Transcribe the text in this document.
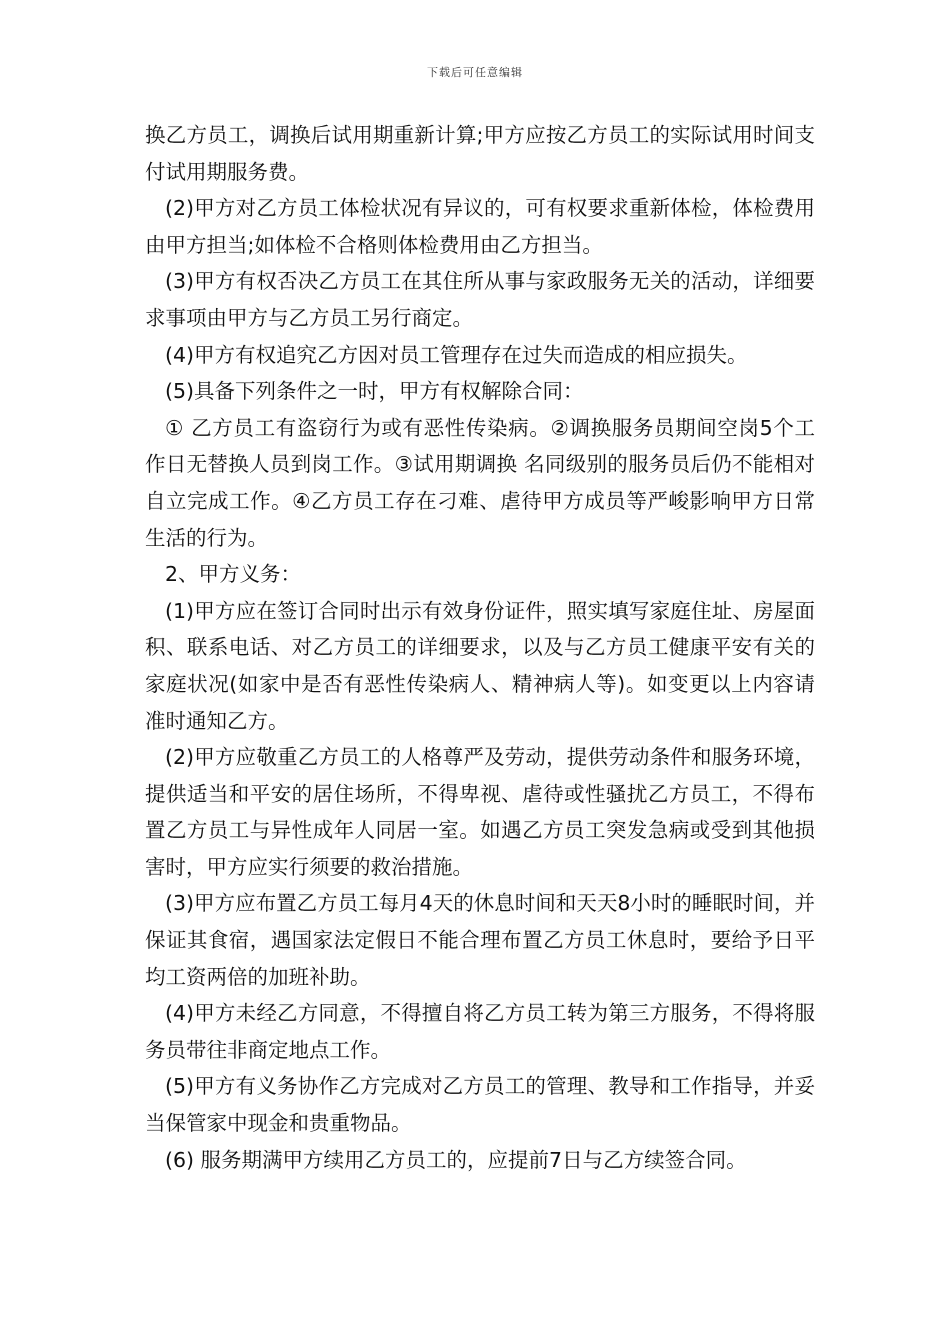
下载后可任意编辑

换乙方员工，调换后试用期重新计算;甲方应按乙方员工的实际试用时间支付试用期服务费。

(2)甲方对乙方员工体检状况有异议的，可有权要求重新体检，体检费用由甲方担当;如体检不合格则体检费用由乙方担当。

(3)甲方有权否决乙方员工在其住所从事与家政服务无关的活动，详细要求事项由甲方与乙方员工另行商定。

(4)甲方有权追究乙方因对员工管理存在过失而造成的相应损失。

(5)具备下列条件之一时，甲方有权解除合同：

① 乙方员工有盗窃行为或有恶性传染病。②调换服务员期间空岗5个工作日无替换人员到岗工作。③试用期调换 名同级别的服务员后仍不能相对自立完成工作。④乙方员工存在刁难、虐待甲方成员等严峻影响甲方日常生活的行为。

2、甲方义务：

(1)甲方应在签订合同时出示有效身份证件，照实填写家庭住址、房屋面积、联系电话、对乙方员工的详细要求，以及与乙方员工健康平安有关的家庭状况(如家中是否有恶性传染病人、精神病人等)。如变更以上内容请准时通知乙方。

(2)甲方应敬重乙方员工的人格尊严及劳动，提供劳动条件和服务环境，提供适当和平安的居住场所，不得卑视、虐待或性骚扰乙方员工，不得布置乙方员工与异性成年人同居一室。如遇乙方员工突发急病或受到其他损害时，甲方应实行须要的救治措施。

(3)甲方应布置乙方员工每月4天的休息时间和天天8小时的睡眠时间，并保证其食宿，遇国家法定假日不能合理布置乙方员工休息时，要给予日平均工资两倍的加班补助。

(4)甲方未经乙方同意，不得擅自将乙方员工转为第三方服务，不得将服务员带往非商定地点工作。

(5)甲方有义务协作乙方完成对乙方员工的管理、教导和工作指导，并妥当保管家中现金和贵重物品。

(6) 服务期满甲方续用乙方员工的，应提前7日与乙方续签合同。
